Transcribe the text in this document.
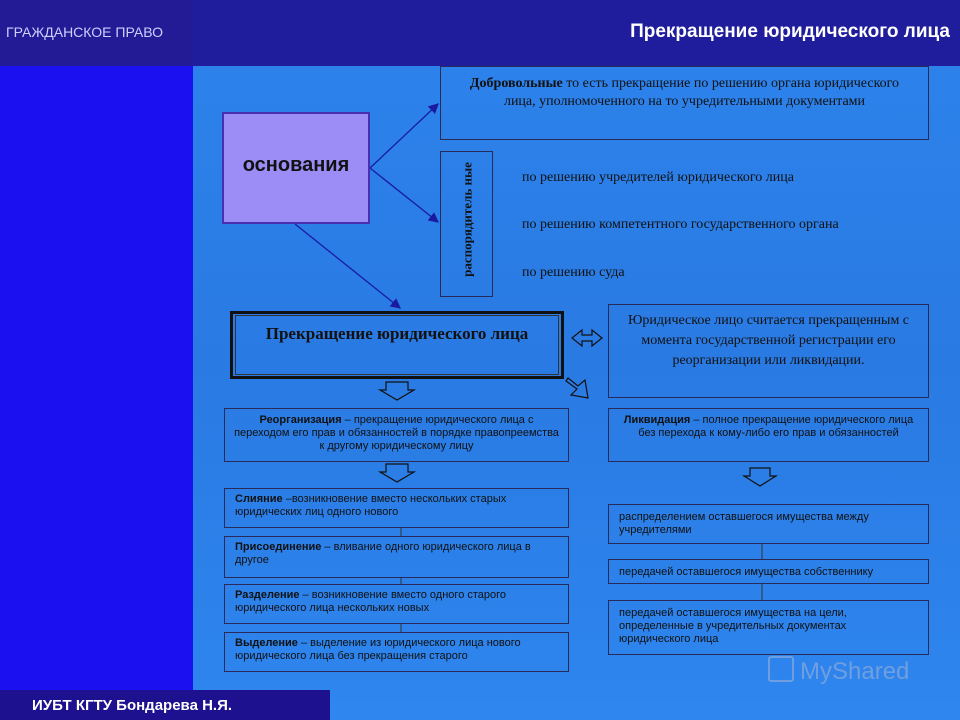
ГРАЖДАНСКОЕ ПРАВО	Прекращение юридического лица
основания
Добровольные то есть прекращение по решению органа юридического лица, уполномоченного на то учредительными документами
распорядитель ные	по решению учредителей юридического лица
по решению компетентного государственного органа
по решению суда
Прекращение юридического лица
Юридическое лицо считается прекращенным с момента государственной регистрации его реорганизации или ликвидации.
Реорганизация – прекращение юридического лица с переходом его прав и обязанностей в порядке правопреемства к другому юридическому лицу
Ликвидация – полное прекращение юридического лица без перехода к кому-либо его прав и обязанностей
Слияние –возникновение вместо нескольких старых юридических лиц одного нового
Присоединение – вливание одного юридического лица в другое
Разделение – возникновение вместо одного старого юридического лица нескольких новых
Выделение – выделение из юридического лица нового юридического лица без прекращения старого
распределением оставшегося имущества между учредителями
передачей оставшегося имущества собственнику
передачей оставшегося имущества на цели, определенные в учредительных документах юридического лица
MyShared
ИУБТ КГТУ Бондарева Н.Я.
